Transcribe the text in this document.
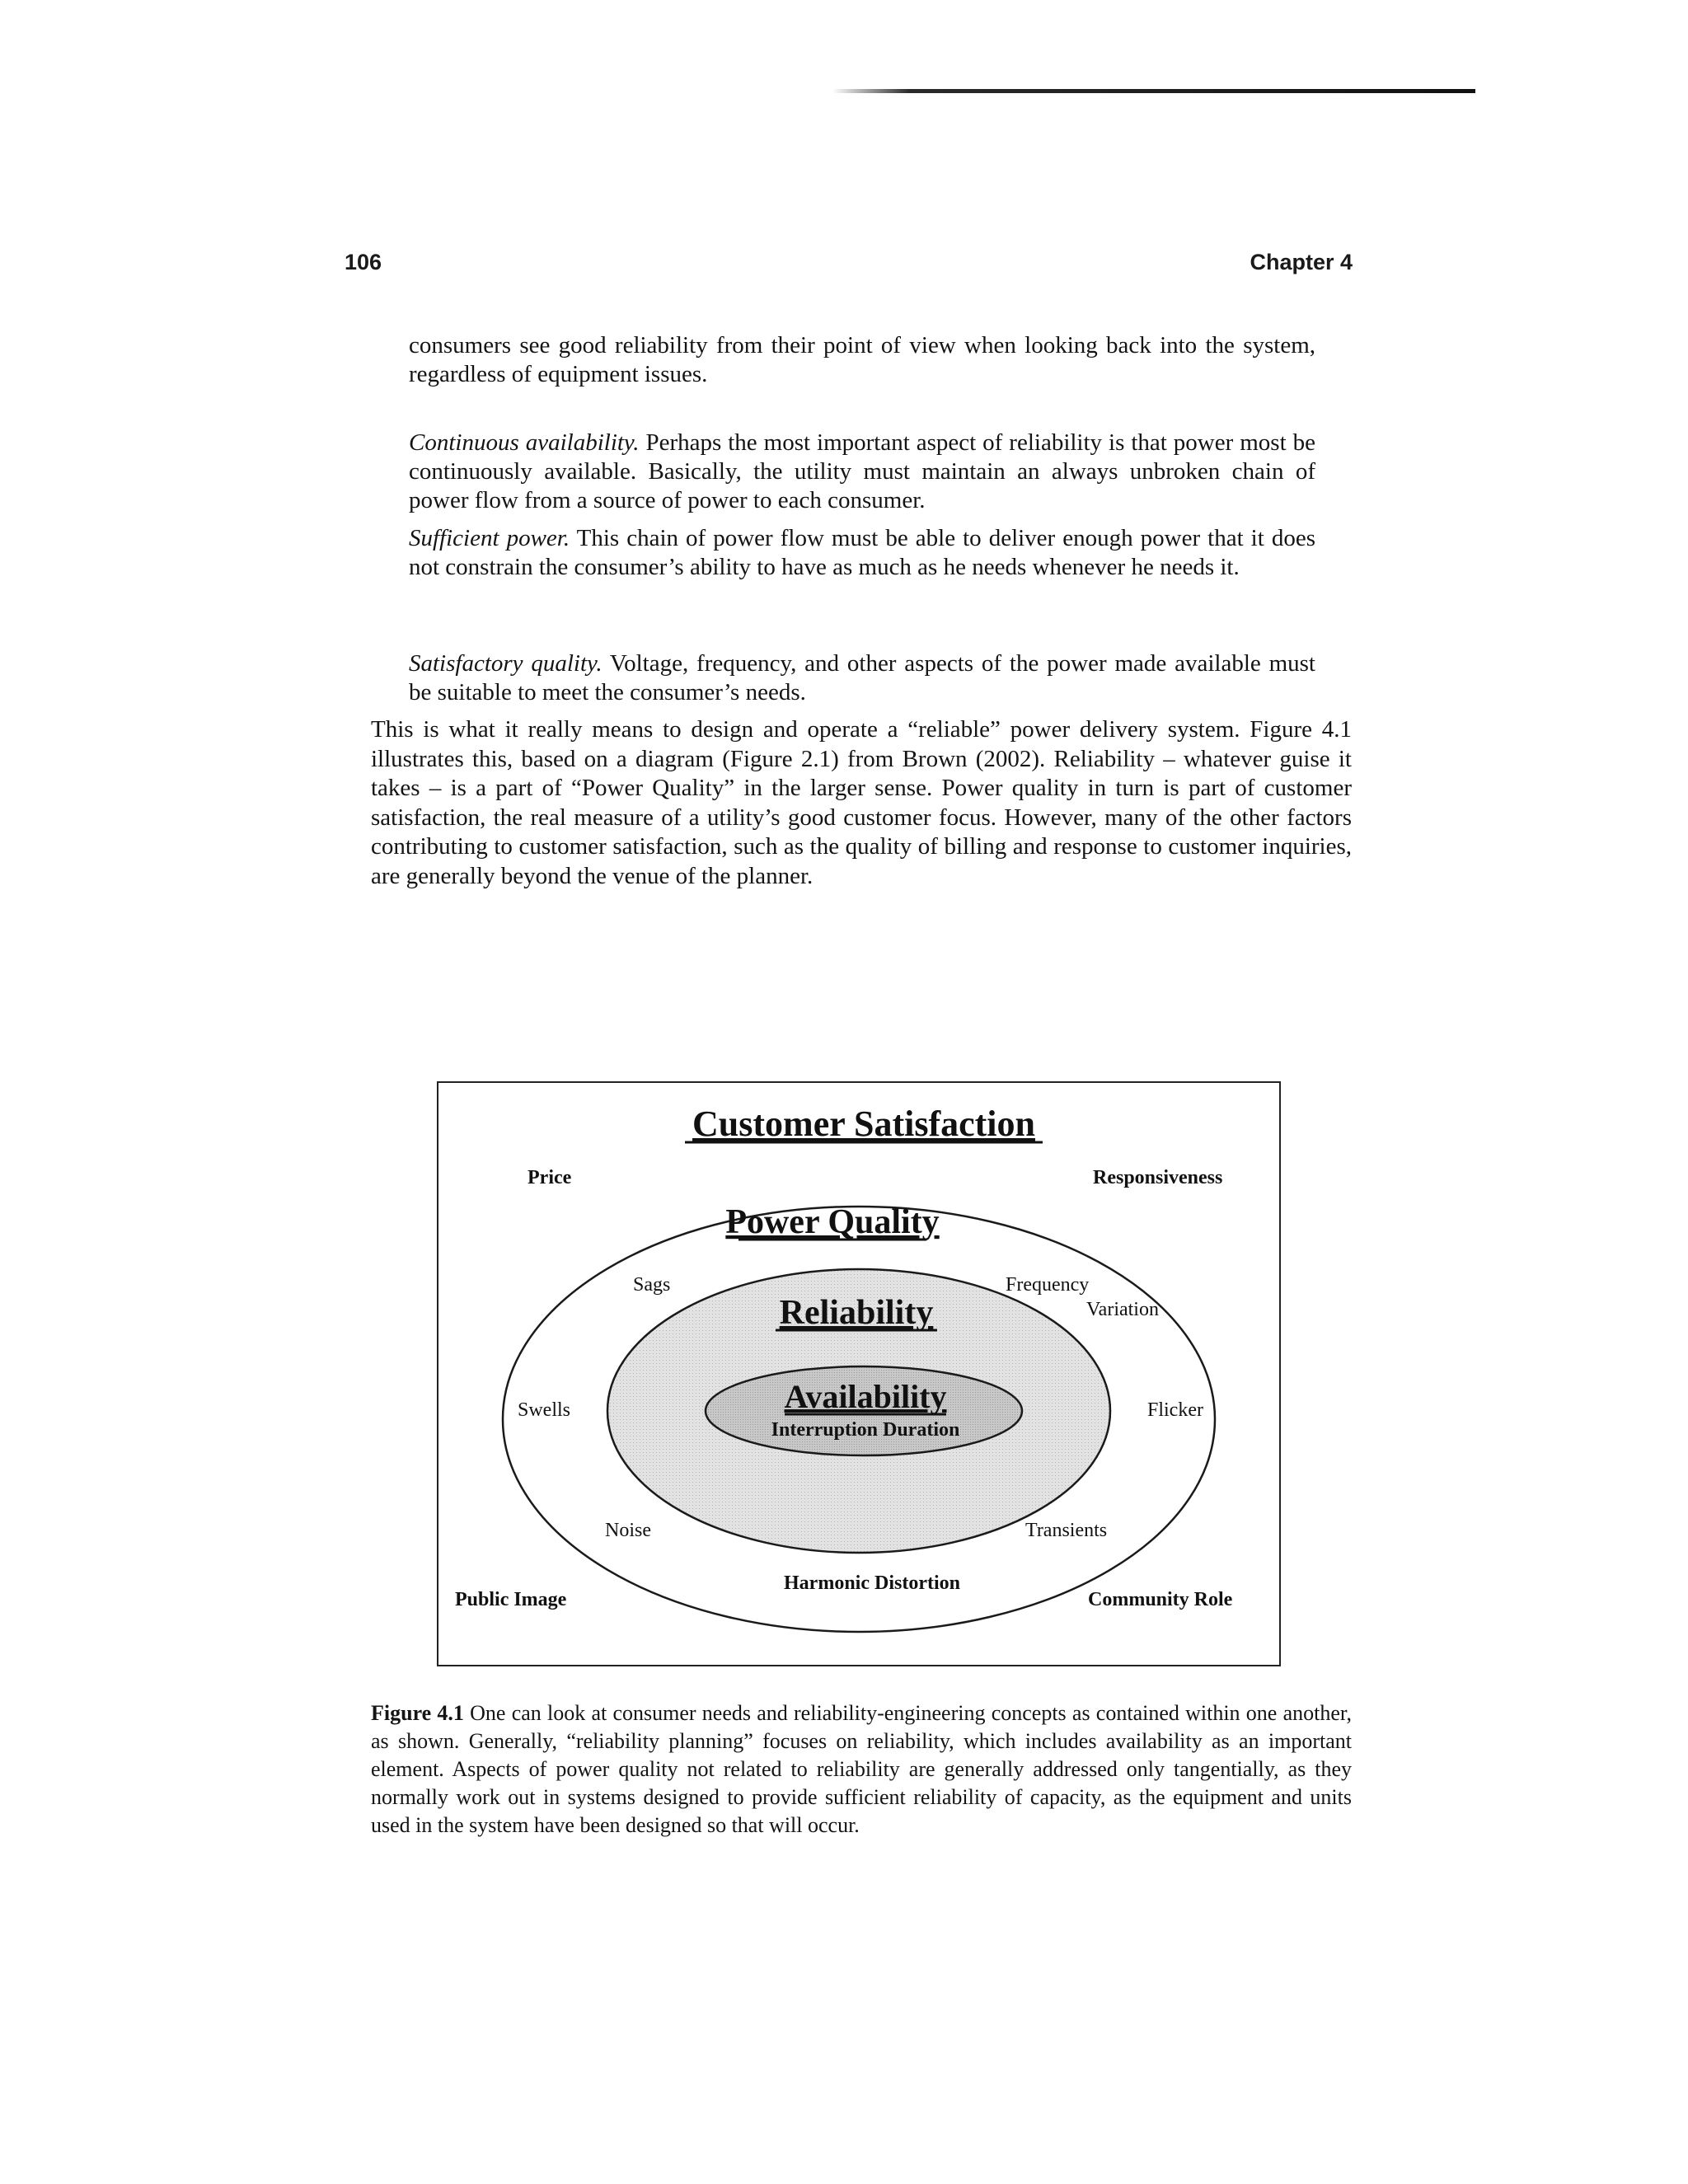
106	Chapter 4

consumers see good reliability from their point of view when looking back into the system, regardless of equipment issues.

Continuous availability. Perhaps the most important aspect of reliability is that power most be continuously available. Basically, the utility must maintain an always unbroken chain of power flow from a source of power to each consumer.

Sufficient power. This chain of power flow must be able to deliver enough power that it does not constrain the consumer’s ability to have as much as he needs whenever he needs it.

Satisfactory quality. Voltage, frequency, and other aspects of the power made available must be suitable to meet the consumer’s needs.

This is what it really means to design and operate a “reliable” power delivery system. Figure 4.1 illustrates this, based on a diagram (Figure 2.1) from Brown (2002). Reliability – whatever guise it takes – is a part of “Power Quality” in the larger sense. Power quality in turn is part of customer satisfaction, the real measure of a utility’s good customer focus. However, many of the other factors contributing to customer satisfaction, such as the quality of billing and response to customer inquiries, are generally beyond the venue of the planner.

Customer Satisfaction
Power Quality
Reliability
Availability
Interruption Duration
Price	Responsiveness
Public Image	Community Role
Sags	Frequency
Variation
Swells	Flicker
Noise	Transients
Harmonic Distortion

Figure 4.1 One can look at consumer needs and reliability-engineering concepts as contained within one another, as shown. Generally, “reliability planning” focuses on reliability, which includes availability as an important element. Aspects of power quality not related to reliability are generally addressed only tangentially, as they normally work out in systems designed to provide sufficient reliability of capacity, as the equipment and units used in the system have been designed so that will occur.
